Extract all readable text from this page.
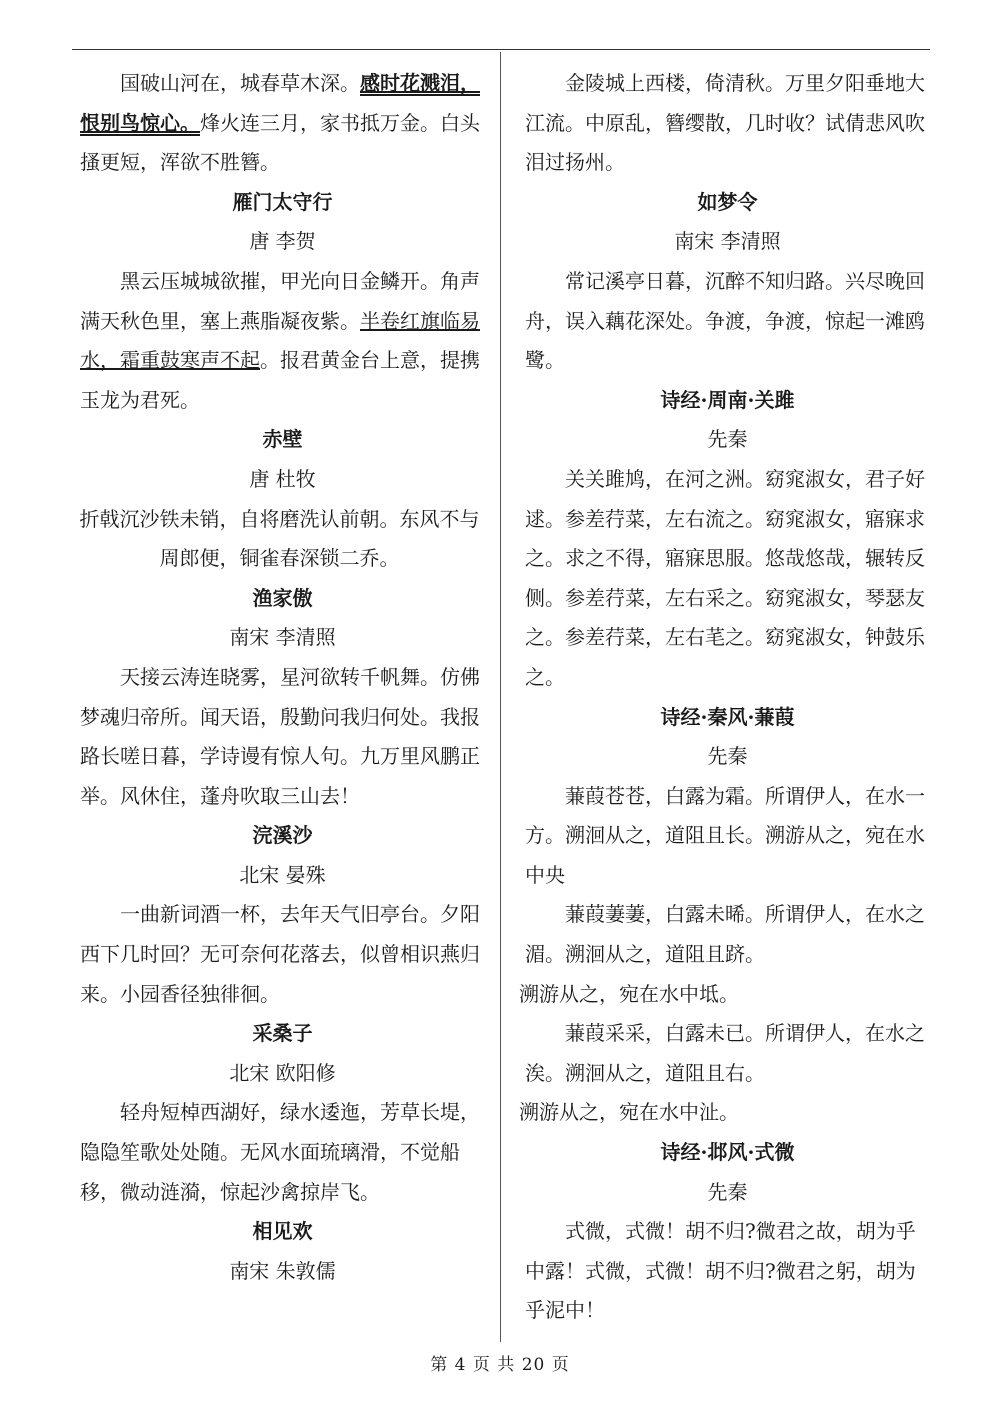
国破山河在，城春草木深。感时花溅泪，恨别鸟惊心。烽火连三月，家书抵万金。白头搔更短，浑欲不胜簪。

雁门太守行

唐 李贺

黑云压城城欲摧，甲光向日金鳞开。角声满天秋色里，塞上燕脂凝夜紫。半卷红旗临易水，霜重鼓寒声不起。报君黄金台上意，提携玉龙为君死。

赤壁

唐 杜牧

折戟沉沙铁未销，自将磨洗认前朝。东风不与周郎便，铜雀春深锁二乔。

渔家傲

南宋 李清照

天接云涛连晓雾，星河欲转千帆舞。仿佛梦魂归帝所。闻天语，殷勤问我归何处。我报路长嗟日暮，学诗谩有惊人句。九万里风鹏正举。风休住，蓬舟吹取三山去！

浣溪沙

北宋 晏殊

一曲新词酒一杯，去年天气旧亭台。夕阳西下几时回？无可奈何花落去，似曾相识燕归来。小园香径独徘徊。

采桑子

北宋 欧阳修

轻舟短棹西湖好，绿水逶迤，芳草长堤，隐隐笙歌处处随。无风水面琉璃滑，不觉船移，微动涟漪，惊起沙禽掠岸飞。

相见欢

南宋 朱敦儒

金陵城上西楼，倚清秋。万里夕阳垂地大江流。中原乱，簪缨散，几时收？试倩悲风吹泪过扬州。

如梦令

南宋 李清照

常记溪亭日暮，沉醉不知归路。兴尽晚回舟，误入藕花深处。争渡，争渡，惊起一滩鸥鹭。

诗经·周南·关雎

先秦

关关雎鸠，在河之洲。窈窕淑女，君子好逑。参差荇菜，左右流之。窈窕淑女，寤寐求之。求之不得，寤寐思服。悠哉悠哉，辗转反侧。参差荇菜，左右采之。窈窕淑女，琴瑟友之。参差荇菜，左右芼之。窈窕淑女，钟鼓乐之。

诗经·秦风·蒹葭

先秦

蒹葭苍苍，白露为霜。所谓伊人，在水一方。溯洄从之，道阻且长。溯游从之，宛在水中央

蒹葭萋萋，白露未晞。所谓伊人，在水之湄。溯洄从之，道阻且跻。

溯游从之，宛在水中坻。

蒹葭采采，白露未已。所谓伊人，在水之涘。溯洄从之，道阻且右。

溯游从之，宛在水中沚。

诗经·邶风·式微

先秦

式微，式微！胡不归?微君之故，胡为乎中露！式微，式微！胡不归?微君之躬，胡为乎泥中！

第 4 页 共 20 页
